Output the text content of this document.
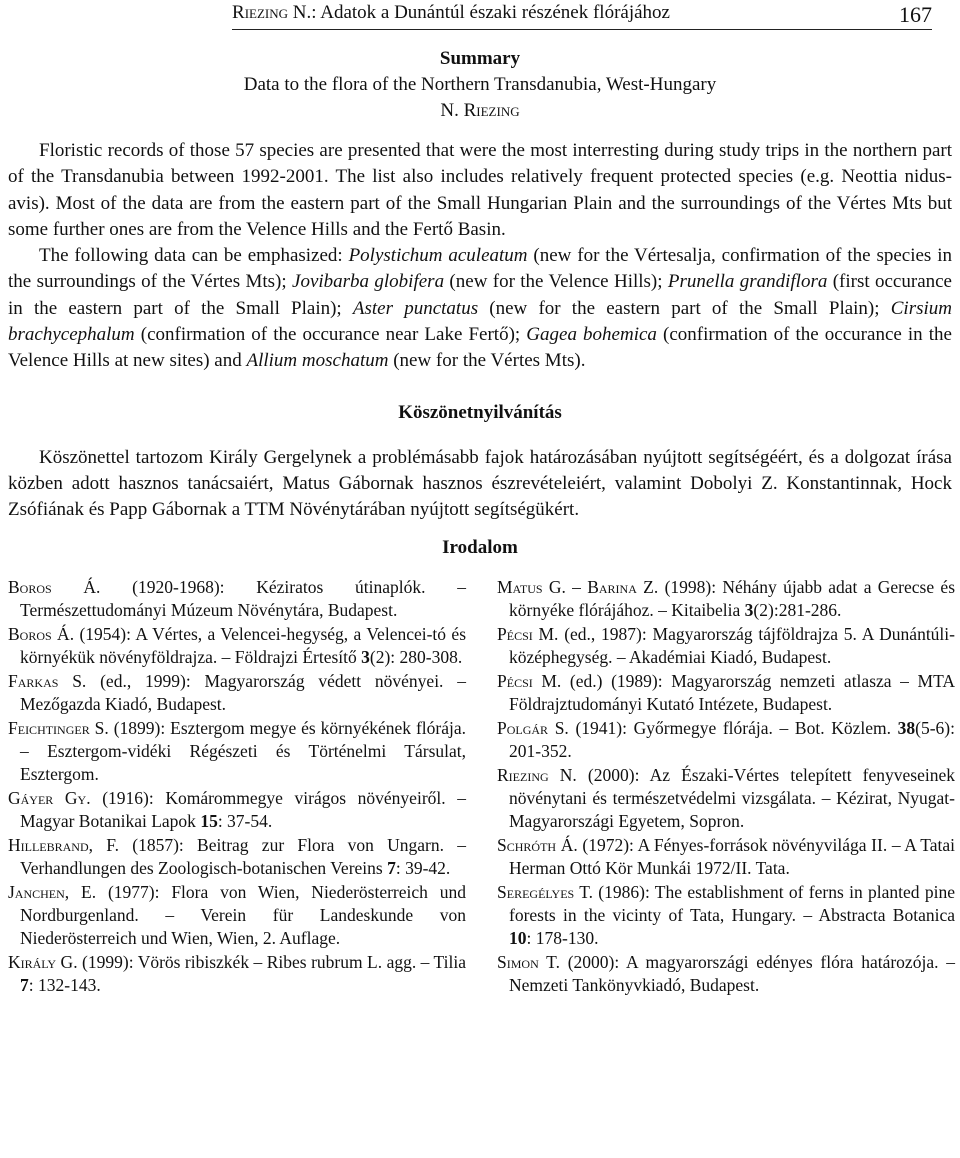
Riezing N.: Adatok a Dunántúl északi részének flórájához	167
Summary
Data to the flora of the Northern Transdanubia, West-Hungary
N. Riezing

Floristic records of those 57 species are presented that were the most interresting during study trips in the northern part of the Transdanubia between 1992-2001. The list also includes relatively frequent protected species (e.g. Neottia nidus-avis). Most of the data are from the eastern part of the Small Hungarian Plain and the surroundings of the Vértes Mts but some further ones are from the Velence Hills and the Fertő Basin.

The following data can be emphasized: Polystichum aculeatum (new for the Vértesalja, confirmation of the species in the surroundings of the Vértes Mts); Jovibarba globifera (new for the Velence Hills); Prunella grandiflora (first occurance in the eastern part of the Small Plain); Aster punctatus (new for the eastern part of the Small Plain); Cirsium brachycephalum (confirmation of the occurance near Lake Fertő); Gagea bohemica (confirmation of the occurance in the Velence Hills at new sites) and Allium moschatum (new for the Vértes Mts).

Köszönetnyilvánítás

Köszönettel tartozom Király Gergelynek a problémásabb fajok határozásában nyújtott segítségéért, és a dolgozat írása közben adott hasznos tanácsaiért, Matus Gábornak hasznos észrevételeiért, valamint Dobolyi Z. Konstantinnak, Hock Zsófiának és Papp Gábornak a TTM Növénytárában nyújtott segítségükért.

Irodalom

Boros Á. (1920-1968): Kéziratos útinaplók. – Természettudományi Múzeum Növénytára, Budapest.

Boros Á. (1954): A Vértes, a Velencei-hegység, a Velencei-tó és környékük növényföldrajza. – Földrajzi Értesítő 3(2): 280-308.

Farkas S. (ed., 1999): Magyarország védett növényei. – Mezőgazda Kiadó, Budapest.

Feichtinger S. (1899): Esztergom megye és környékének flórája. – Esztergom-vidéki Régészeti és Történelmi Társulat, Esztergom.

Gáyer Gy. (1916): Komárommegye virágos növényeiről. – Magyar Botanikai Lapok 15: 37-54.

Hillebrand, F. (1857): Beitrag zur Flora von Ungarn. – Verhandlungen des Zoologisch-botanischen Vereins 7: 39-42.

Janchen, E. (1977): Flora von Wien, Niederösterreich und Nordburgenland. – Verein für Landeskunde von Niederösterreich und Wien, Wien, 2. Auflage.

Király G. (1999): Vörös ribiszkék – Ribes rubrum L. agg. – Tilia 7: 132-143.

Matus G. – Barina Z. (1998): Néhány újabb adat a Gerecse és környéke flórájához. – Kitaibelia 3(2):281-286.

Pécsi M. (ed., 1987): Magyarország tájföldrajza 5. A Dunántúli-középhegység. – Akadémiai Kiadó, Budapest.

Pécsi M. (ed.) (1989): Magyarország nemzeti atlasza – MTA Földrajztudományi Kutató Intézete, Budapest.

Polgár S. (1941): Győrmegye flórája. – Bot. Közlem. 38(5-6): 201-352.

Riezing N. (2000): Az Északi-Vértes telepített fenyveseinek növénytani és természetvédelmi vizsgálata. – Kézirat, Nyugat-Magyarországi Egyetem, Sopron.

Schróth Á. (1972): A Fényes-források növényvilága II. – A Tatai Herman Ottó Kör Munkái 1972/II. Tata.

Seregélyes T. (1986): The establishment of ferns in planted pine forests in the vicinty of Tata, Hungary. – Abstracta Botanica 10: 178-130.

Simon T. (2000): A magyarországi edényes flóra határozója. – Nemzeti Tankönyvkiadó, Budapest.
